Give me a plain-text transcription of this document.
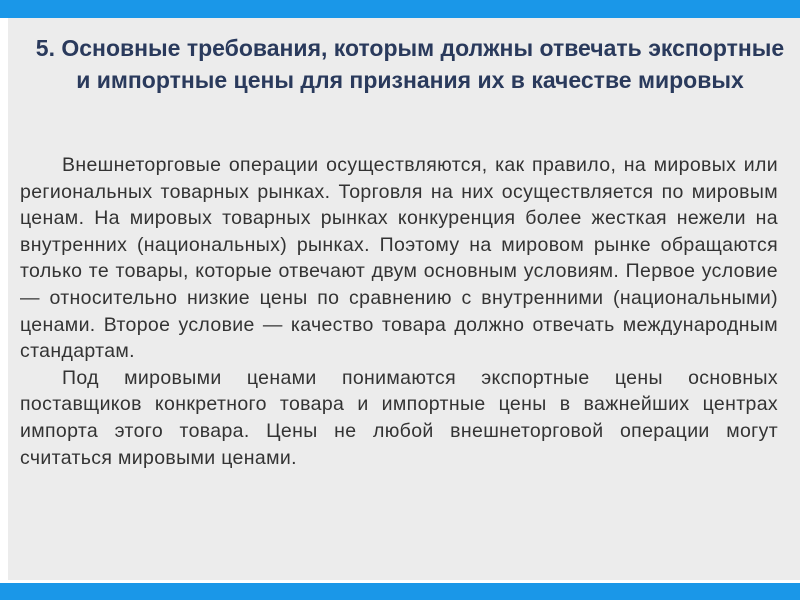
5. Основные требования, которым должны отвечать экспортные и импортные цены для признания их в качестве мировых

Внешнеторговые операции осуществляются, как правило, на мировых или региональных товарных рынках. Торговля на них осуществляется по мировым ценам. На мировых товарных рынках конкуренция более жесткая нежели на внутренних (национальных) рынках. Поэтому на мировом рынке обращаются только те товары, которые отвечают двум основным условиям. Первое условие — относительно низкие цены по сравнению с внутренними (национальными) ценами. Второе условие — качество товара должно отвечать международным стандартам.

Под мировыми ценами понимаются экспортные цены основных поставщиков конкретного товара и импортные цены в важнейших центрах импорта этого товара. Цены не любой внешнеторговой операции могут считаться мировыми ценами.
